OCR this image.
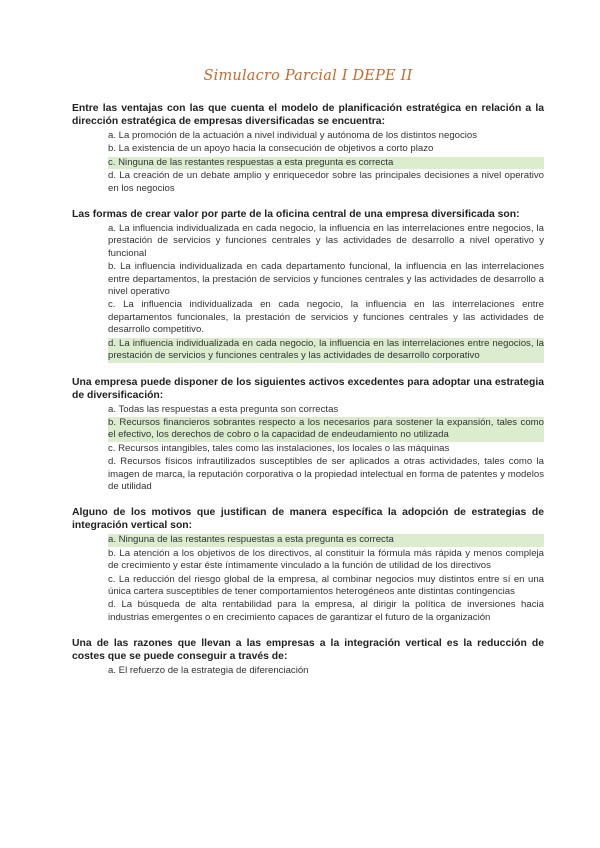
Simulacro Parcial I DEPE II
Entre las ventajas con las que cuenta el modelo de planificación estratégica en relación a la dirección estratégica de empresas diversificadas se encuentra:
a. La promoción de la actuación a nivel individual y autónoma de los distintos negocios
b. La existencia de un apoyo hacia la consecución de objetivos a corto plazo
c. Ninguna de las restantes respuestas a esta pregunta es correcta
d. La creación de un debate amplio y enriquecedor sobre las principales decisiones a nivel operativo en los negocios
Las formas de crear valor por parte de la oficina central de una empresa diversificada son:
a. La influencia individualizada en cada negocio, la influencia en las interrelaciones entre negocios, la prestación de servicios y funciones centrales y las actividades de desarrollo a nivel operativo y funcional
b. La influencia individualizada en cada departamento funcional, la influencia en las interrelaciones entre departamentos, la prestación de servicios y funciones centrales y las actividades de desarrollo a nivel operativo
c. La influencia individualizada en cada negocio, la influencia en las interrelaciones entre departamentos funcionales, la prestación de servicios y funciones centrales y las actividades de desarrollo competitivo.
d. La influencia individualizada en cada negocio, la influencia en las interrelaciones entre negocios, la prestación de servicios y funciones centrales y las actividades de desarrollo corporativo
Una empresa puede disponer de los siguientes activos excedentes para adoptar una estrategia de diversificación:
a. Todas las respuestas a esta pregunta son correctas
b. Recursos financieros sobrantes respecto a los necesarios para sostener la expansión, tales como el efectivo, los derechos de cobro o la capacidad de endeudamiento no utilizada
c. Recursos intangibles, tales como las instalaciones, los locales o las máquinas
d. Recursos físicos infrautilizados susceptibles de ser aplicados a otras actividades, tales como la imagen de marca, la reputación corporativa o la propiedad intelectual en forma de patentes y modelos de utilidad
Alguno de los motivos que justifican de manera específica la adopción de estrategias de integración vertical son:
a. Ninguna de las restantes respuestas a esta pregunta es correcta
b. La atención a los objetivos de los directivos, al constituir la fórmula más rápida y menos compleja de crecimiento y estar éste íntimamente vinculado a la función de utilidad de los directivos
c. La reducción del riesgo global de la empresa, al combinar negocios muy distintos entre sí en una única cartera susceptibles de tener comportamientos heterogéneos ante distintas contingencias
d. La búsqueda de alta rentabilidad para la empresa, al dirigir la política de inversiones hacia industrias emergentes o en crecimiento capaces de garantizar el futuro de la organización
Una de las razones que llevan a las empresas a la integración vertical es la reducción de costes que se puede conseguir a través de:
a. El refuerzo de la estrategia de diferenciación
